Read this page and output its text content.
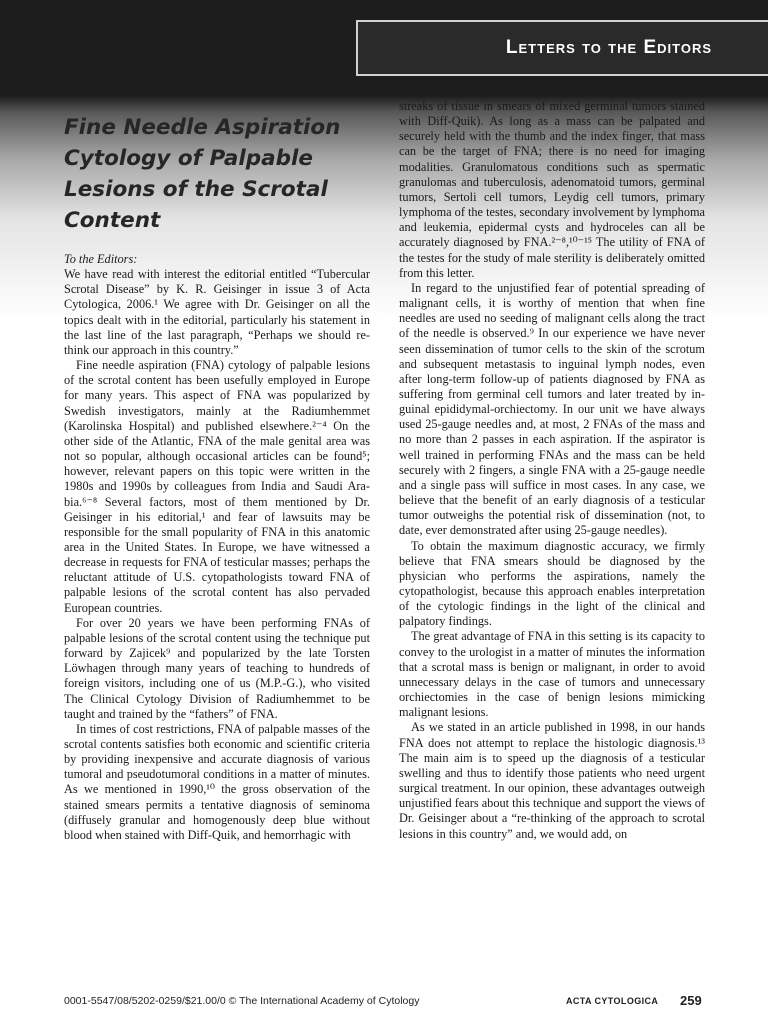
Letters to the Editors
Fine Needle Aspiration Cytology of Palpable Lesions of the Scrotal Content

To the Editors:

We have read with interest the editorial entitled “Tubercular Scrotal Disease” by K. R. Geisinger in issue 3 of Acta Cytologica, 2006.¹ We agree with Dr. Geisinger on all the topics dealt with in the editorial, particularly his statement in the last line of the last paragraph, “Perhaps we should re-think our approach in this country.”

Fine needle aspiration (FNA) cytology of palpable lesions of the scrotal content has been usefully employed in Europe for many years. This aspect of FNA was popularized by Swedish investigators, mainly at the Radiumhemmet (Karolinska Hospital) and published elsewhere.²⁻⁴ On the other side of the Atlantic, FNA of the male genital area was not so popular, although occasional articles can be found⁵; however, relevant papers on this topic were written in the 1980s and 1990s by colleagues from India and Saudi Arabia.⁶⁻⁸ Several factors, most of them mentioned by Dr. Geisinger in his editorial,¹ and fear of lawsuits may be responsible for the small popularity of FNA in this anatomic area in the United States. In Europe, we have witnessed a decrease in requests for FNA of testicular masses; perhaps the reluctant attitude of U.S. cytopathologists toward FNA of palpable lesions of the scrotal content has also pervaded European countries.

For over 20 years we have been performing FNAs of palpable lesions of the scrotal content using the technique put forward by Zajicek⁹ and popularized by the late Torsten Löwhagen through many years of teaching to hundreds of foreign visitors, including one of us (M.P.-G.), who visited The Clinical Cytology Division of Radiumhemmet to be taught and trained by the “fathers” of FNA.

In times of cost restrictions, FNA of palpable masses of the scrotal contents satisfies both economic and scientific criteria by providing inexpensive and accurate diagnosis of various tumoral and pseudotumoral conditions in a matter of minutes. As we mentioned in 1990,¹⁰ the gross observation of the stained smears permits a tentative diagnosis of seminoma (diffusely granular and homogenously deep blue without blood when stained with Diff-Quik, and hemorrhagic with

streaks of tissue in smears of mixed germinal tumors stained with Diff-Quik). As long as a mass can be palpated and securely held with the thumb and the index finger, that mass can be the target of FNA; there is no need for imaging modalities. Granulomatous conditions such as spermatic granulomas and tuberculosis, adenomatoid tumors, germinal tumors, Sertoli cell tumors, Leydig cell tumors, primary lymphoma of the testes, secondary involvement by lymphoma and leukemia, epidermal cysts and hydroceles can all be accurately diagnosed by FNA.²⁻⁸,¹⁰⁻¹⁵ The utility of FNA of the testes for the study of male sterility is deliberately omitted from this letter.

In regard to the unjustified fear of potential spreading of malignant cells, it is worthy of mention that when fine needles are used no seeding of malignant cells along the tract of the needle is observed.⁹ In our experience we have never seen dissemination of tumor cells to the skin of the scrotum and subsequent metastasis to inguinal lymph nodes, even after long-term follow-up of patients diagnosed by FNA as suffering from germinal cell tumors and later treated by inguinal epididymal-orchiectomy. In our unit we have always used 25-gauge needles and, at most, 2 FNAs of the mass and no more than 2 passes in each aspiration. If the aspirator is well trained in performing FNAs and the mass can be held securely with 2 fingers, a single FNA with a 25-gauge needle and a single pass will suffice in most cases. In any case, we believe that the benefit of an early diagnosis of a testicular tumor outweighs the potential risk of dissemination (not, to date, ever demonstrated after using 25-gauge needles).

To obtain the maximum diagnostic accuracy, we firmly believe that FNA smears should be diagnosed by the physician who performs the aspirations, namely the cytopathologist, because this approach enables interpretation of the cytologic findings in the light of the clinical and palpatory findings.

The great advantage of FNA in this setting is its capacity to convey to the urologist in a matter of minutes the information that a scrotal mass is benign or malignant, in order to avoid unnecessary delays in the case of tumors and unnecessary orchiectomies in the case of benign lesions mimicking malignant lesions.

As we stated in an article published in 1998, in our hands FNA does not attempt to replace the histologic diagnosis.¹³ The main aim is to speed up the diagnosis of a testicular swelling and thus to identify those patients who need urgent surgical treatment. In our opinion, these advantages outweigh unjustified fears about this technique and support the views of Dr. Geisinger about a “re-thinking of the approach to scrotal lesions in this country” and, we would add, on

0001-5547/08/5202-0259/$21.00/0 © The International Academy of Cytology	ACTA CYTOLOGICA 259
